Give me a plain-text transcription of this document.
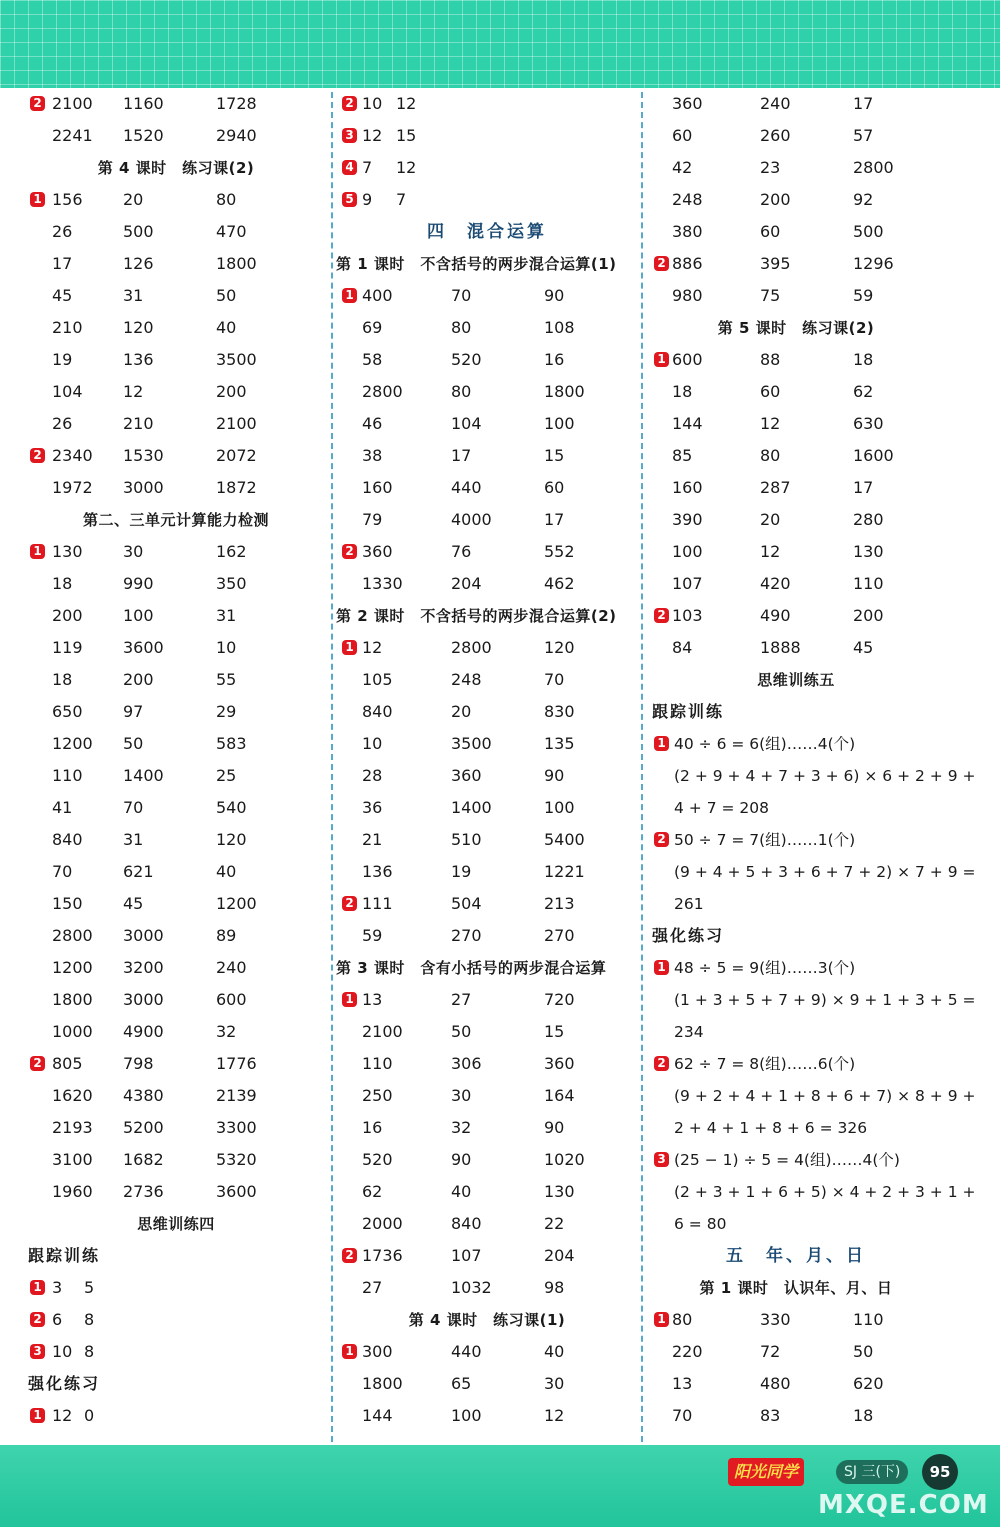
2 2100 1160	1728
2241 1520	2940
第 4 课时　练习课(2)
1 156	20	80
26	500	470
17	126	1800
45	31	50
210	120	40
19	136	3500
104	12	200
26	210	2100
2 2340 1530	2072
1972 3000	1872
第二、三单元计算能力检测
1 130	30	162
18	990	350
200	100	31
119	3600	10
18	200	55
650	97	29
1200 50	583
110	1400	25
41	70	540
840	31	120
70	621	40
150	45	1200
2800 3000	89
1200 3200	240
1800 3000	600
1000 4900	32
2 805	798	1776
1620 4380	2139
2193 5200	3300
3100 1682	5320
1960 2736	3600
思维训练四
跟踪训练
1 3 5
2 6 8
3 10 8
强化练习
1 12 0
2 10 12
3 12 15
4 7 12
5 9 7
四　混合运算
第 1 课时　不含括号的两步混合运算(1)
1 400	70	90
69	80	108
58	520	16
2800	80	1800
46	104	100
38	17	15
160	440	60
79	4000	17
2 360	76	552
1330	204	462
第 2 课时　不含括号的两步混合运算(2)
1 12	2800	120
105	248	70
840	20	830
10	3500	135
28	360	90
36	1400	100
21	510	5400
136	19	1221
2 111	504	213
59	270	270
第 3 课时　含有小括号的两步混合运算
1 13	27	720
2100	50	15
110	306	360
250	30	164
16	32	90
520	90	1020
62	40	130
2000	840	22
2 1736	107	204
27	1032	98
第 4 课时　练习课(1)
1 300	440	40
1800	65	30
144	100	12
360	240	17
60	260	57
42	23	2800
248	200	92
380	60	500
2 886	395	1296
980	75	59
第 5 课时　练习课(2)
1 600	88	18
18	60	62
144	12	630
85	80	1600
160	287	17
390	20	280
100	12	130
107	420	110
2 103	490	200
84	1888	45
思维训练五
跟踪训练
1 40 ÷ 6 = 6(组)……4(个)
(2 + 9 + 4 + 7 + 3 + 6) × 6 + 2 + 9 +
4 + 7 = 208
2 50 ÷ 7 = 7(组)……1(个)
(9 + 4 + 5 + 3 + 6 + 7 + 2) × 7 + 9 =
261
强化练习
1 48 ÷ 5 = 9(组)……3(个)
(1 + 3 + 5 + 7 + 9) × 9 + 1 + 3 + 5 =
234
2 62 ÷ 7 = 8(组)……6(个)
(9 + 2 + 4 + 1 + 8 + 6 + 7) × 8 + 9 +
2 + 4 + 1 + 8 + 6 = 326
3 (25 − 1) ÷ 5 = 4(组)……4(个)
(2 + 3 + 1 + 6 + 5) × 4 + 2 + 3 + 1 +
6 = 80
五　年、月、日
第 1 课时　认识年、月、日
1 80	330	110
220	72	50
13	480	620
70	83	18
阳光同学	SJ 三(下)	95
MXQE.COM
